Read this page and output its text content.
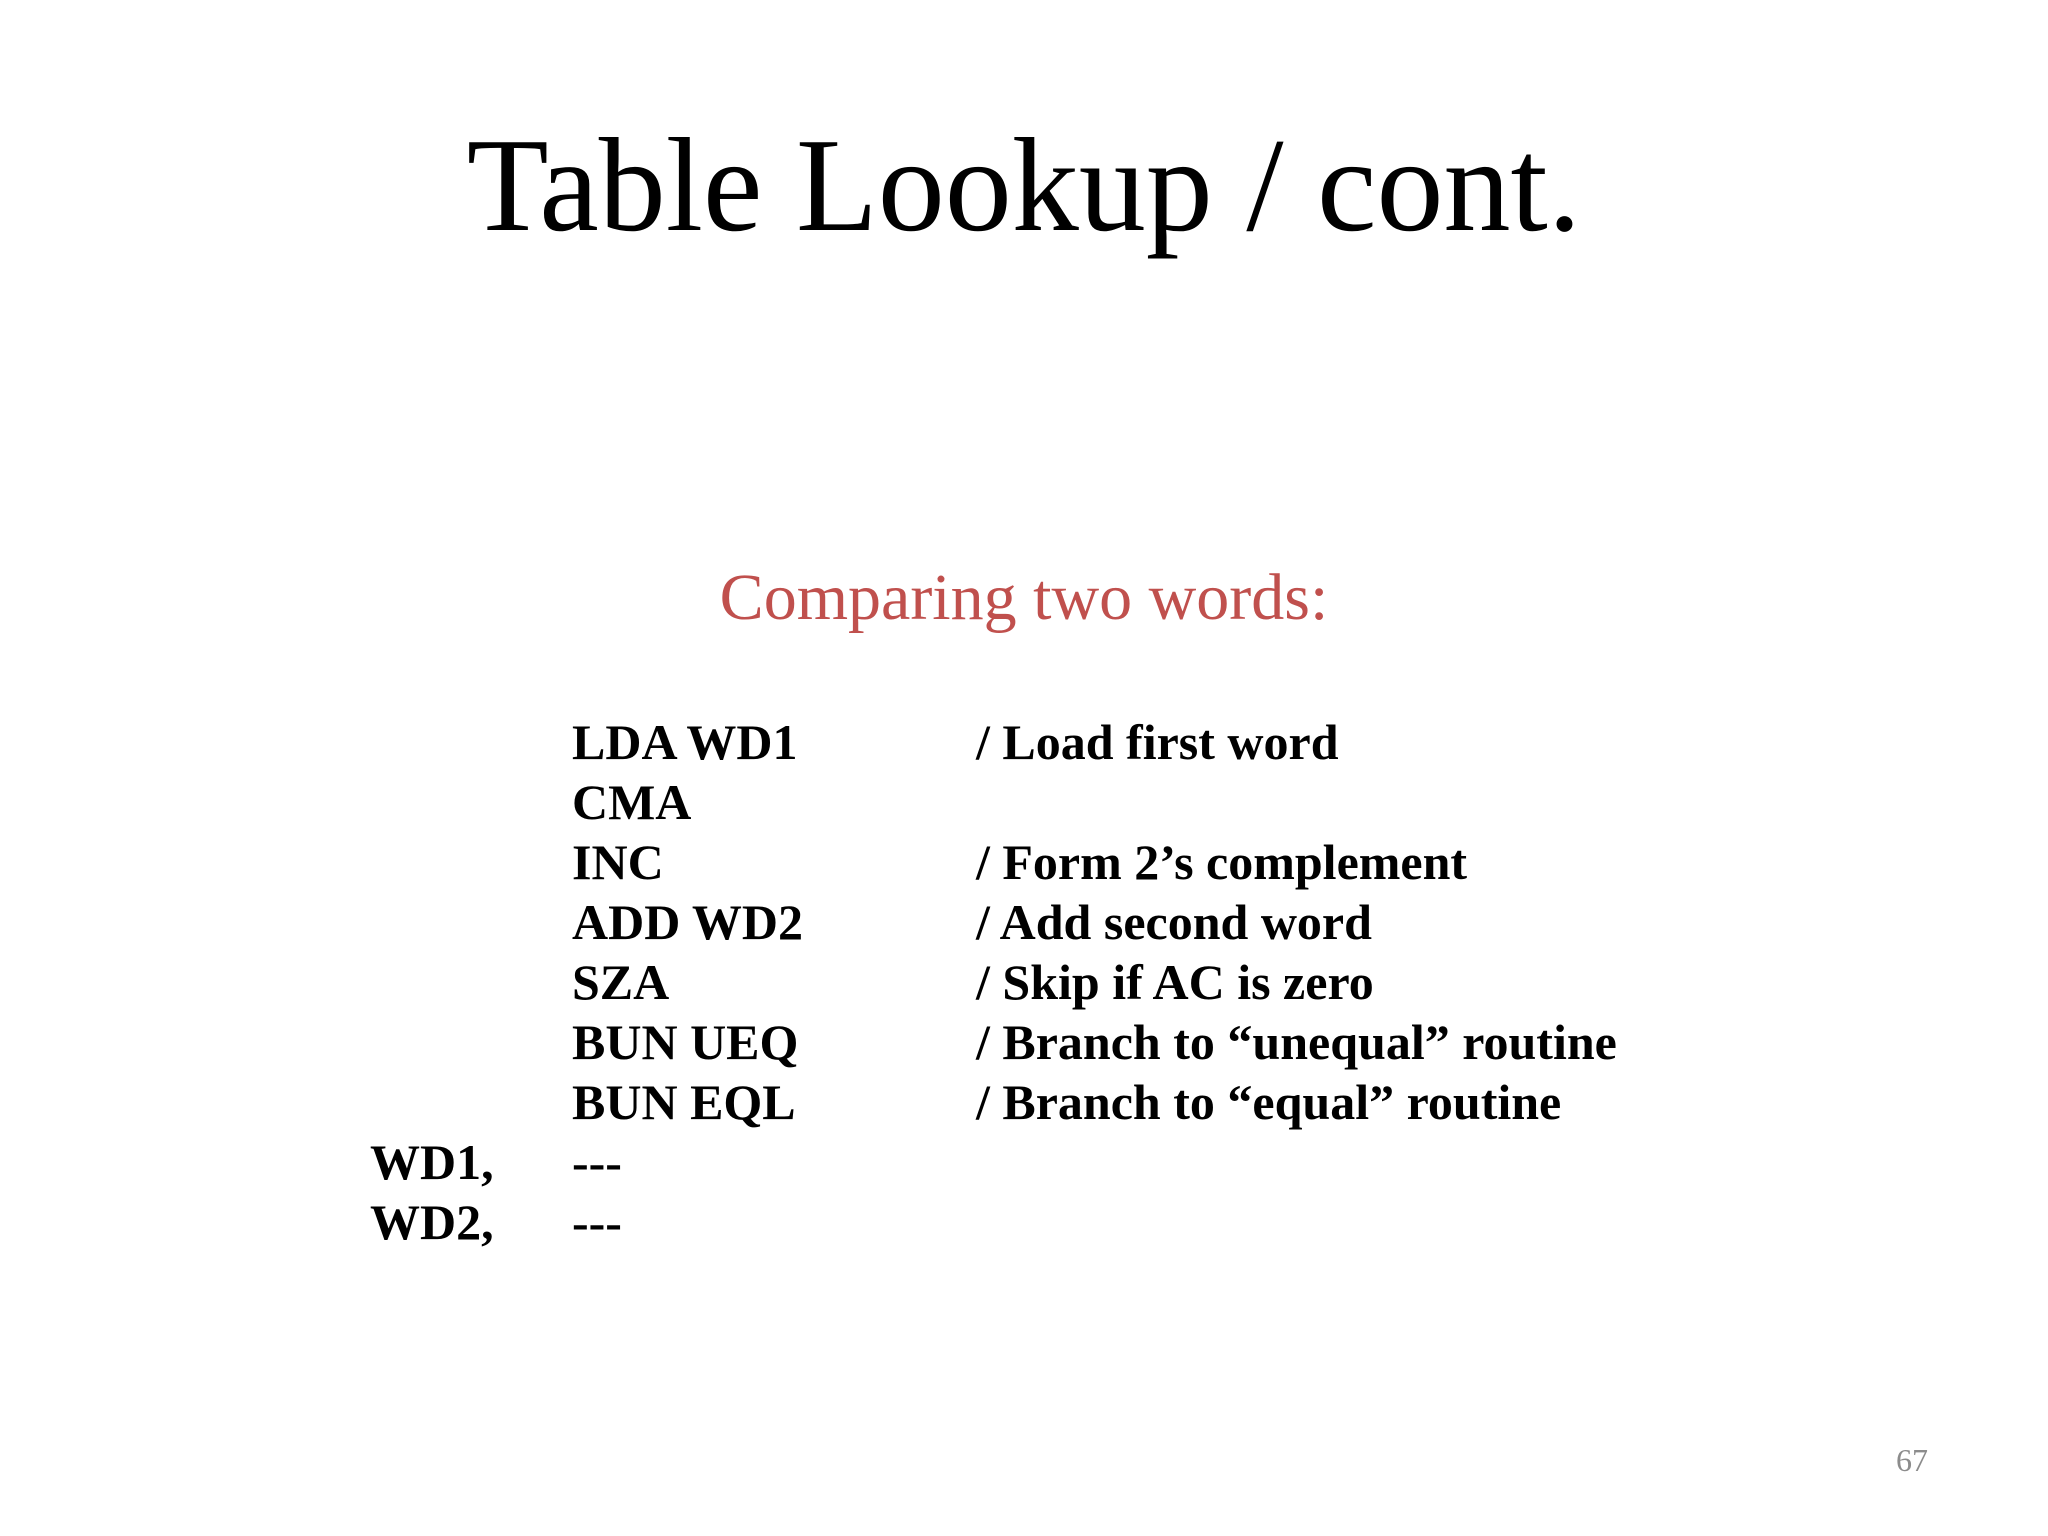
Table Lookup / cont.
Comparing two words:
LDA WD1	/ Load first word
CMA
INC	/ Form 2’s complement
ADD WD2	/ Add second word
SZA	/ Skip if AC is zero
BUN UEQ	/ Branch to “unequal” routine
BUN EQL	/ Branch to “equal” routine
WD1, ---
WD2, ---
67
